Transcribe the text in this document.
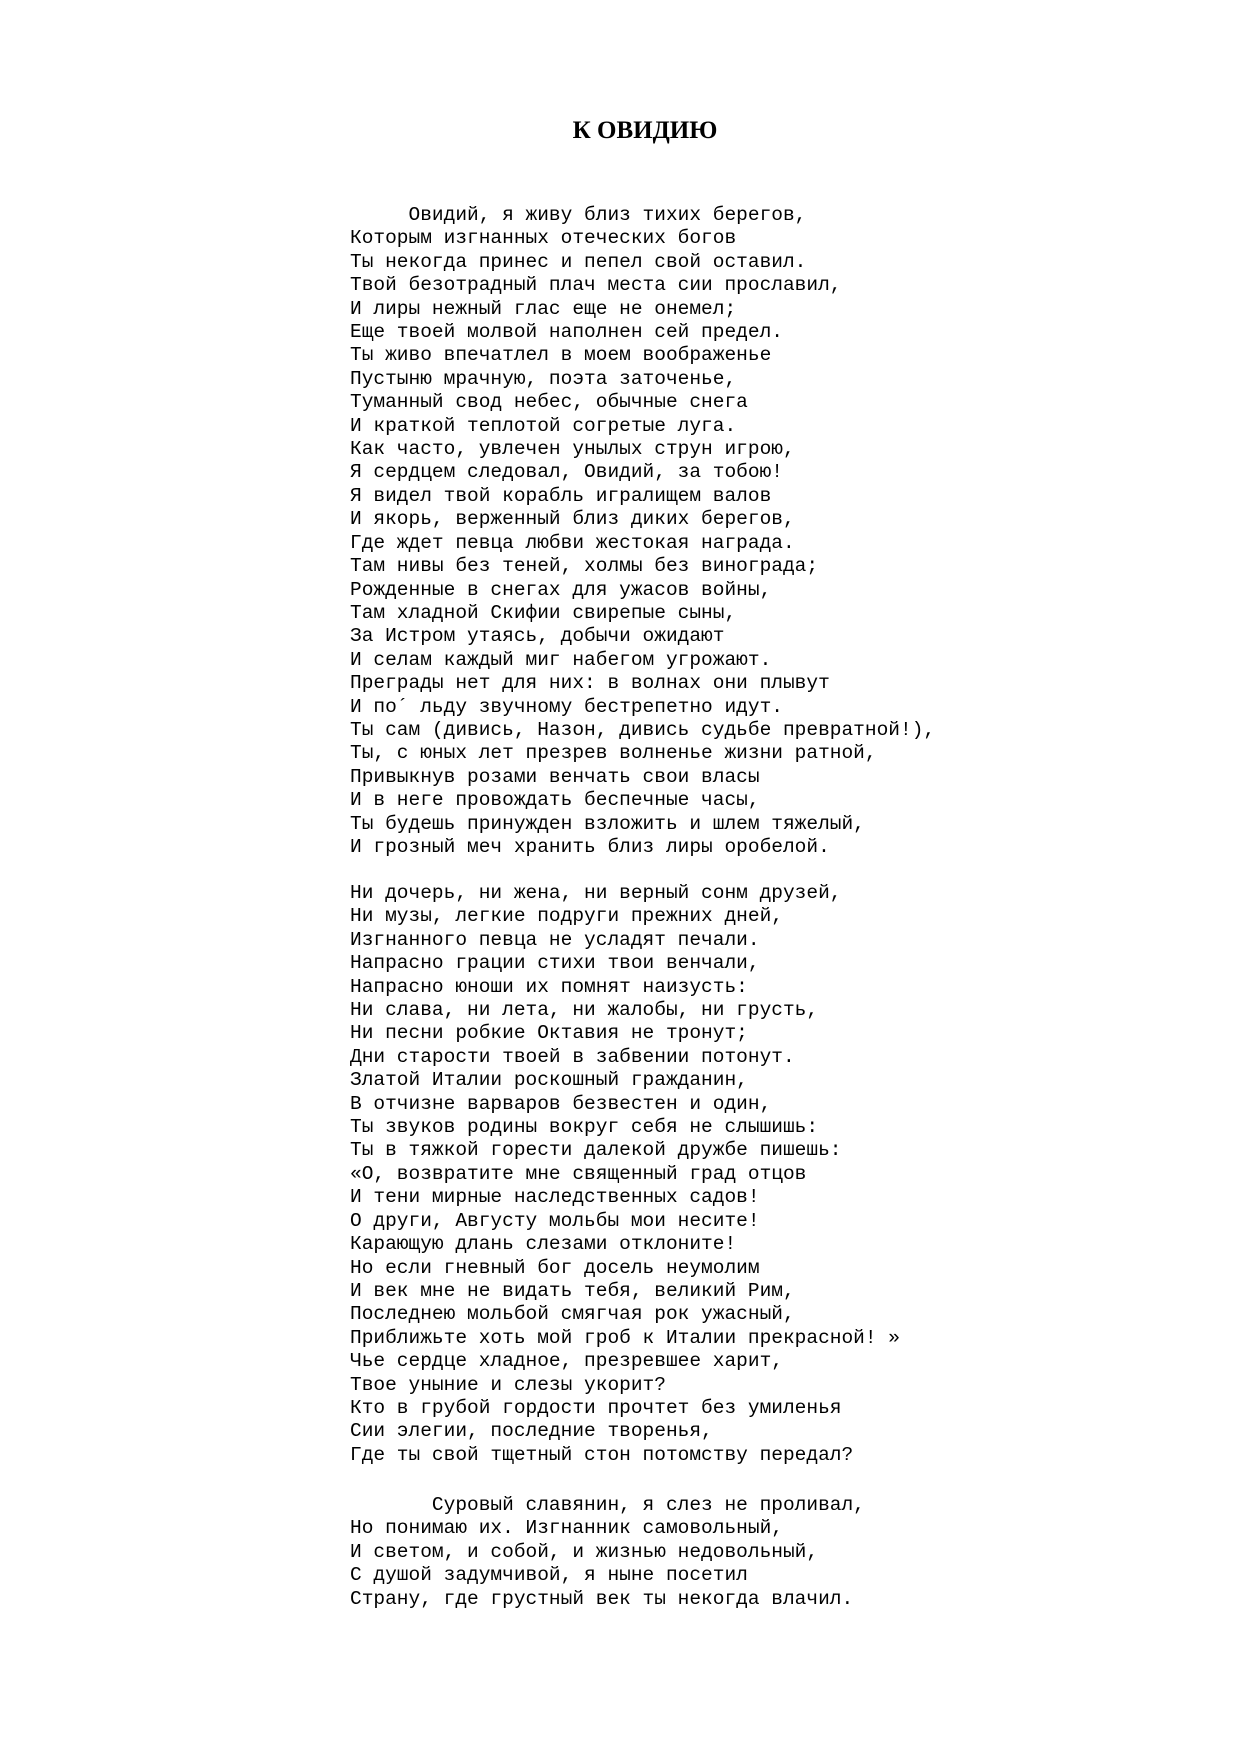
К ОВИДИЮ
Овидий, я живу близ тихих берегов,
Которым изгнанных отеческих богов
Ты некогда принес и пепел свой оставил.
Твой безотрадный плач места сии прославил,
И лиры нежный глас еще не онемел;
Еще твоей молвой наполнен сей предел.
Ты живо впечатлел в моем воображенье
Пустыню мрачную, поэта заточенье,
Туманный свод небес, обычные снега
И краткой теплотой согретые луга.
Как часто, увлечен унылых струн игрою,
Я сердцем следовал, Овидий, за тобою!
Я видел твой корабль игралищем валов
И якорь, верженный близ диких берегов,
Где ждет певца любви жестокая награда.
Там нивы без теней, холмы без винограда;
Рожденные в снегах для ужасов войны,
Там хладной Скифии свирепые сыны,
За Истром утаясь, добычи ожидают
И селам каждый миг набегом угрожают.
Преграды нет для них: в волнах они плывут
И по´ льду звучному бестрепетно идут.
Ты сам (дивись, Назон, дивись судьбе превратной!),
Ты, с юных лет презрев волненье жизни ратной,
Привыкнув розами венчать свои власы
И в неге провождать беспечные часы,
Ты будешь принужден взложить и шлем тяжелый,
И грозный меч хранить близ лиры оробелой.
Ни дочерь, ни жена, ни верный сонм друзей,
Ни музы, легкие подруги прежних дней,
Изгнанного певца не усладят печали.
Напрасно грации стихи твои венчали,
Напрасно юноши их помнят наизусть:
Ни слава, ни лета, ни жалобы, ни грусть,
Ни песни робкие Октавия не тронут;
Дни старости твоей в забвении потонут.
Златой Италии роскошный гражданин,
В отчизне варваров безвестен и один,
Ты звуков родины вокруг себя не слышишь:
Ты в тяжкой горести далекой дружбе пишешь:
«О, возвратите мне священный град отцов
И тени мирные наследственных садов!
О други, Августу мольбы мои несите!
Карающую длань слезами отклоните!
Но если гневный бог досель неумолим
И век мне не видать тебя, великий Рим,
Последнею мольбой смягчая рок ужасный,
Приближьте хоть мой гроб к Италии прекрасной! »
Чье сердце хладное, презревшее харит,
Твое уныние и слезы укорит?
Кто в грубой гордости прочтет без умиленья
Сии элегии, последние творенья,
Где ты свой тщетный стон потомству передал?
Суровый славянин, я слез не проливал,
Но понимаю их. Изгнанник самовольный,
И светом, и собой, и жизнью недовольный,
С душой задумчивой, я ныне посетил
Страну, где грустный век ты некогда влачил.
